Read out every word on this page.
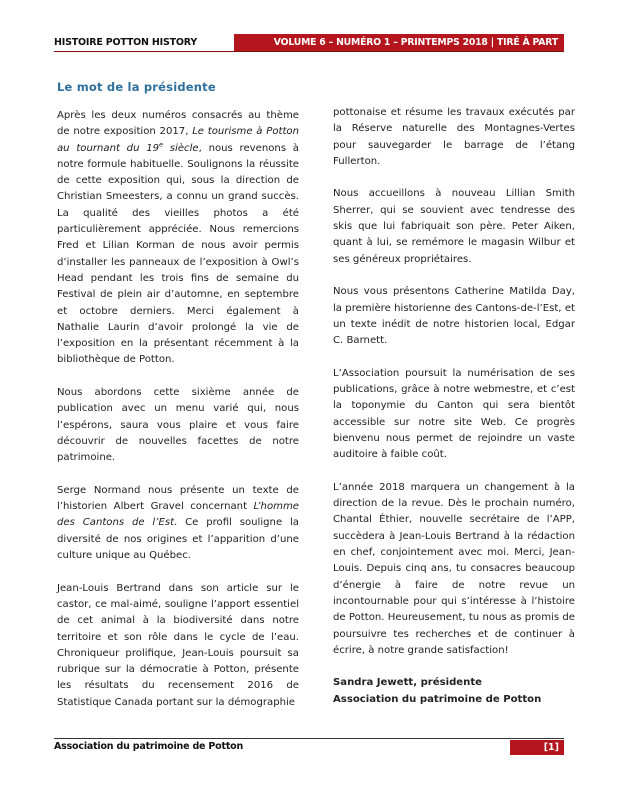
HISTOIRE POTTON HISTORY	VOLUME 6 – NUMÉRO 1 – PRINTEMPS 2018 | TIRÉ À PART
Le mot de la présidente

Après les deux numéros consacrés au thème de notre exposition 2017, Le tourisme à Potton au tournant du 19e siècle, nous revenons à notre formule habituelle. Soulignons la réussite de cette exposition qui, sous la direction de Christian Smeesters, a connu un grand succès. La qualité des vieilles photos a été particulièrement appréciée. Nous remercions Fred et Lilian Korman de nous avoir permis d’installer les panneaux de l’exposition à Owl’s Head pendant les trois fins de semaine du Festival de plein air d’automne, en septembre et octobre derniers. Merci également à Nathalie Laurin d’avoir prolongé la vie de l’exposition en la présentant récemment à la bibliothèque de Potton.

Nous abordons cette sixième année de publication avec un menu varié qui, nous l’espérons, saura vous plaire et vous faire découvrir de nouvelles facettes de notre patrimoine.

Serge Normand nous présente un texte de l’historien Albert Gravel concernant L’homme des Cantons de l’Est. Ce profil souligne la diversité de nos origines et l’apparition d’une culture unique au Québec.

Jean-Louis Bertrand dans son article sur le castor, ce mal-aimé, souligne l’apport essentiel de cet animal à la biodiversité dans notre territoire et son rôle dans le cycle de l’eau. Chroniqueur prolifique, Jean-Louis poursuit sa rubrique sur la démocratie à Potton, présente les résultats du recensement 2016 de Statistique Canada portant sur la démographie

pottonaise et résume les travaux exécutés par la Réserve naturelle des Montagnes-Vertes pour sauvegarder le barrage de l’étang Fullerton.

Nous accueillons à nouveau Lillian Smith Sherrer, qui se souvient avec tendresse des skis que lui fabriquait son père. Peter Aiken, quant à lui, se remémore le magasin Wilbur et ses généreux propriétaires.

Nous vous présentons Catherine Matilda Day, la première historienne des Cantons-de-l’Est, et un texte inédit de notre historien local, Edgar C. Barnett.

L’Association poursuit la numérisation de ses publications, grâce à notre webmestre, et c’est la toponymie du Canton qui sera bientôt accessible sur notre site Web. Ce progrès bienvenu nous permet de rejoindre un vaste auditoire à faible coût.

L’année 2018 marquera un changement à la direction de la revue. Dès le prochain numéro, Chantal Éthier, nouvelle secrétaire de l’APP, succèdera à Jean-Louis Bertrand à la rédaction en chef, conjointement avec moi. Merci, Jean-Louis. Depuis cinq ans, tu consacres beaucoup d’énergie à faire de notre revue un incontournable pour qui s’intéresse à l’histoire de Potton. Heureusement, tu nous as promis de poursuivre tes recherches et de continuer à écrire, à notre grande satisfaction!

Sandra Jewett, présidente

Association du patrimoine de Potton

Association du patrimoine de Potton	[1]
